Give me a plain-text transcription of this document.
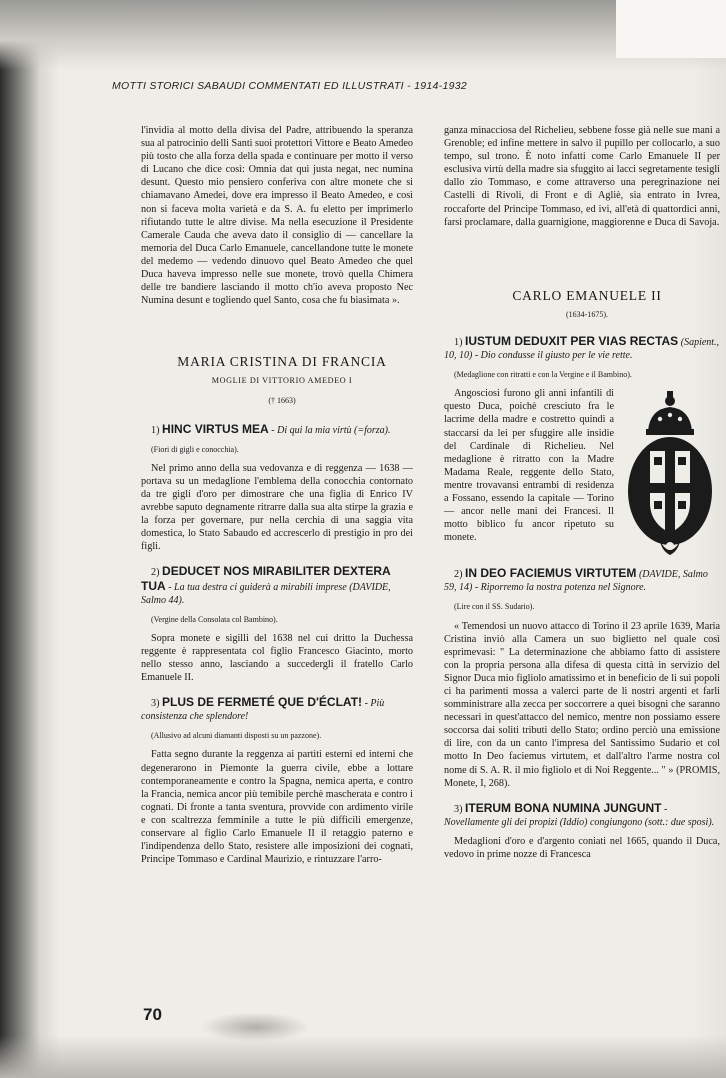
MOTTI STORICI SABAUDI COMMENTATI ED ILLUSTRATI - 1914-1932

l'invidia al motto della divisa del Padre, attribuendo la speranza sua al patrocinio delli Santi suoi protettori Vittore e Beato Amedeo più tosto che alla forza della spada e continuare per motto il verso di Lucano che dice così: Omnia dat qui justa negat, nec numina desunt. Questo mio pensiero conferiva con altre monete che si chiamavano Amedei, dove era impresso il Beato Amedeo, e così non si faceva molta varietà e da S. A. fu eletto per imprimerlo rifiutando tutte le altre divise. Ma nella esecuzione il Presidente Camerale Cauda che aveva dato il consiglio di — cancellare la memoria del Duca Carlo Emanuele, cancellandone tutte le monete del medemo — vedendo dinuovo quel Beato Amedeo che quel Duca haveva impresso nelle sue monete, trovò quella Chimera delle tre bandiere lasciando il motto ch'io aveva proposto Nec Numina desunt e togliendo quel Santo, cosa che fu biasimata ».

MARIA CRISTINA DI FRANCIA

MOGLIE DI VITTORIO AMEDEO I

(† 1663)

1) HINC VIRTUS MEA - Di qui la mia virtù (=forza).

(Fiori di gigli e conocchia).

Nel primo anno della sua vedovanza e di reggenza — 1638 — portava su un medaglione l'emblema della conocchia contornato da tre gigli d'oro per dimostrare che una figlia di Enrico IV avrebbe saputo degnamente ritrarre dalla sua alta stirpe la grazia e la forza per governare, pur nella cerchia di una saggia vita domestica, lo Stato Sabaudo ed accrescerlo di prestigio in pro dei figli.

2) DEDUCET NOS MIRABILITER DEXTERA TUA - La tua destra ci guiderà a mirabili imprese (DAVIDE, Salmo 44).

(Vergine della Consolata col Bambino).

Sopra monete e sigilli del 1638 nel cui dritto la Duchessa reggente è rappresentata col figlio Francesco Giacinto, morto nello stesso anno, lasciando a succedergli il fratello Carlo Emanuele II.

3) PLUS DE FERMETÉ QUE D'ÉCLAT! - Più consistenza che splendore!

(Allusivo ad alcuni diamanti disposti su un pazzone).

Fatta segno durante la reggenza ai partiti esterni ed interni che degenerarono in Piemonte la guerra civile, ebbe a lottare contemporaneamente e contro la Spagna, nemica aperta, e contro la Francia, nemica ancor più temibile perchè mascherata e contro i cognati. Di fronte a tanta sventura, provvide con ardimento virile e con scaltrezza femminile a tutte le più difficili emergenze, conservare al figlio Carlo Emanuele II il retaggio paterno e l'indipendenza dello Stato, resistere alle imposizioni dei cognati, Principe Tommaso e Cardinal Maurizio, e rintuzzare l'arro-

ganza minacciosa del Richelieu, sebbene fosse già nelle sue mani a Grenoble; ed infine mettere in salvo il pupillo per collocarlo, a suo tempo, sul trono. È noto infatti come Carlo Emanuele II per esclusiva virtù della madre sia sfuggito ai lacci segretamente tesigli dallo zio Tommaso, e come attraverso una peregrinazione nei Castelli di Rivoli, di Front e di Agliè, sia entrato in Ivrea, roccaforte del Principe Tommaso, ed ivi, all'età di quattordici anni, farsi proclamare, dalla guarnigione, maggiorenne e Duca di Savoja.

CARLO EMANUELE II

(1634-1675).

1) IUSTUM DEDUXIT PER VIAS RECTAS (Sapient., 10, 10) - Dio condusse il giusto per le vie rette.

(Medaglione con ritratti e con la Vergine e il Bambino).

Angosciosi furono gli anni infantili di questo Duca, poichè cresciuto fra le lacrime della madre e costretto quindi a staccarsi da lei per sfuggire alle insidie del Cardinale di Richelieu. Nel medaglione è ritratto con la Madre Madama Reale, reggente dello Stato, mentre trovavansi entrambi di residenza a Fossano, essendo la capitale — Torino — ancor nelle mani dei Francesi. Il motto biblico fu ancor ripetuto su monete.

2) IN DEO FACIEMUS VIRTUTEM (DAVIDE, Salmo 59, 14) - Riporremo la nostra potenza nel Signore.

(Lire con il SS. Sudario).

« Temendosi un nuovo attacco di Torino il 23 aprile 1639, Maria Cristina inviò alla Camera un suo biglietto nel quale così esprimevasi: " La determinazione che abbiamo fatto di assistere con la propria persona alla difesa di questa città in servizio del Signor Duca mio figliolo amatissimo et in beneficio de li sui popoli ci ha parimenti mossa a valerci parte de li nostri argenti et farli somministrare alla zecca per soccorrere a quei bisogni che saranno necessari in quest'attacco del nemico, mentre non possiamo essere soccorsa dai soliti tributi dello Stato; ordino perciò una emissione di lire, con da un canto l'impresa del Santissimo Sudario et col motto In Deo faciemus virtutem, et dall'altro l'arme nostra col nome di S. A. R. il mio figliolo et di Noi Reggente... " » (PROMIS, Monete, I, 268).

3) ITERUM BONA NUMINA JUNGUNT - Novellamente gli dei propizi (Iddio) congiungono (sott.: due sposi).

Medaglioni d'oro e d'argento coniati nel 1665, quando il Duca, vedovo in prime nozze di Francesca

70
